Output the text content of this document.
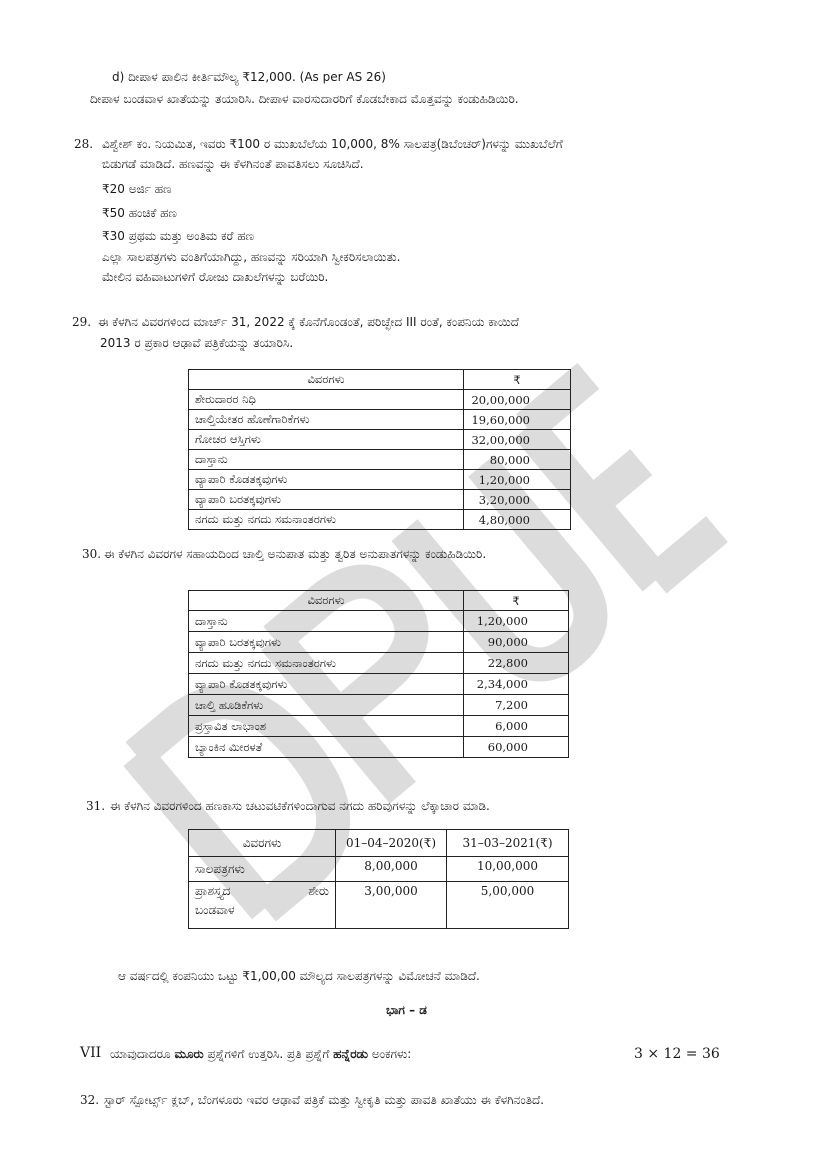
d) ದೀಪಾಳ ಪಾಲಿನ ಕೀರ್ತಿಮೌಲ್ಯ ₹12,000. (As per AS 26)
ದೀಪಾಳ ಬಂಡವಾಳ ಖಾತೆಯನ್ನು ತಯಾರಿಸಿ. ದೀಪಾಳ ವಾರಸುದಾರರಿಗೆ ಕೊಡಬೇಕಾದ ಮೊತ್ತವನ್ನು ಕಂಡುಹಿಡಿಯಿರಿ.
28. ವಿಶ್ವೇಶ್ ಕಂ. ನಿಯಮಿತ, ಇವರು ₹100 ರ ಮುಖಬೆಲೆಯ 10,000, 8% ಸಾಲಪತ್ರ(ಡಿಬೆಂಚರ್)ಗಳನ್ನು ಮುಖಬೆಲೆಗೆ
ಬಿಡುಗಡೆ ಮಾಡಿದೆ. ಹಣವನ್ನು ಈ ಕೆಳಗಿನಂತೆ ಪಾವತಿಸಲು ಸೂಚಿಸಿದೆ.
₹20 ಅರ್ಜಿ ಹಣ
₹50 ಹಂಚಿಕೆ ಹಣ
₹30 ಪ್ರಥಮ ಮತ್ತು ಅಂತಿಮ ಕರೆ ಹಣ
ಎಲ್ಲಾ ಸಾಲಪತ್ರಗಳು ವಂತಿಗೆಯಾಗಿದ್ದು, ಹಣವನ್ನು ಸರಿಯಾಗಿ ಸ್ವೀಕರಿಸಲಾಯಿತು.
ಮೇಲಿನ ವಹಿವಾಟುಗಳಿಗೆ ರೋಜು ದಾಖಲೆಗಳನ್ನು ಬರೆಯಿರಿ.
29. ಈ ಕೆಳಗಿನ ವಿವರಗಳಿಂದ ಮಾರ್ಚ್ 31, 2022 ಕ್ಕೆ ಕೊನೆಗೊಂಡಂತೆ, ಪರಿಚ್ಛೇದ III ರಂತೆ, ಕಂಪನಿಯ ಕಾಯಿದೆ
2013 ರ ಪ್ರಕಾರ ಆಢಾವೆ ಪತ್ರಿಕೆಯನ್ನು ತಯಾರಿಸಿ.
ವಿವರಗಳು	₹
ಶೇರುದಾರರ ನಿಧಿ	20,00,000
ಚಾಲ್ತಿಯೇತರ ಹೊಣೆಗಾರಿಕೆಗಳು	19,60,000
ಗೋಚರ ಆಸ್ತಿಗಳು	32,00,000
ದಾಸ್ತಾನು	80,000
ವ್ಯಾಪಾರಿ ಕೊಡತಕ್ಕವುಗಳು	1,20,000
ವ್ಯಾಪಾರಿ ಬರತಕ್ಕವುಗಳು	3,20,000
ನಗದು ಮತ್ತು ನಗದು ಸಮನಾಂತರಗಳು	4,80,000
30. ಈ ಕೆಳಗಿನ ವಿವರಗಳ ಸಹಾಯದಿಂದ ಚಾಲ್ತಿ ಅನುಪಾತ ಮತ್ತು ತ್ವರಿತ ಅನುಪಾತಗಳನ್ನು ಕಂಡುಹಿಡಿಯಿರಿ.
ವಿವರಗಳು	₹
ದಾಸ್ತಾನು	1,20,000
ವ್ಯಾಪಾರಿ ಬರತಕ್ಕವುಗಳು	90,000
ನಗದು ಮತ್ತು ನಗದು ಸಮನಾಂತರಗಳು	22,800
ವ್ಯಾಪಾರಿ ಕೊಡತಕ್ಕವುಗಳು	2,34,000
ಚಾಲ್ತಿ ಹೂಡಿಕೆಗಳು	7,200
ಪ್ರಸ್ತಾವಿತ ಲಾಭಾಂಶ	6,000
ಬ್ಯಾಂಕಿನ ಮೀರಳತೆ	60,000
31. ಈ ಕೆಳಗಿನ ವಿವರಗಳಿಂದ ಹಣಕಾಸು ಚಟುವಟಿಕೆಗಳಿಂದಾಗುವ ನಗದು ಹರಿವುಗಳನ್ನು ಲೆಕ್ಕಾಚಾರ ಮಾಡಿ.
ವಿವರಗಳು	01–04–2020(₹)	31–03–2021(₹)
ಸಾಲಪತ್ರಗಳು	8,00,000	10,00,000

ಪ್ರಾಶಸ್ತ್ಯದ ಶೇರು
ಬಂಡವಾಳ	3,00,000	5,00,000
ಆ ವರ್ಷದಲ್ಲಿ ಕಂಪನಿಯು ಒಟ್ಟು ₹1,00,00 ಮೌಲ್ಯದ ಸಾಲಪತ್ರಗಳನ್ನು ವಿಮೋಚನೆ ಮಾಡಿದೆ.
ಭಾಗ – ಡ
VII ಯಾವುದಾದರೂ ಮೂರು ಪ್ರಶ್ನೆಗಳಿಗೆ ಉತ್ತರಿಸಿ. ಪ್ರತಿ ಪ್ರಶ್ನೆಗೆ ಹನ್ನೆರಡು ಅಂಕಗಳು:	3 × 12 = 36
32. ಸ್ಟಾರ್ ಸ್ಪೋರ್ಟ್ಸ್ ಕ್ಲಬ್, ಬೆಂಗಳೂರು ಇವರ ಆಢಾವೆ ಪತ್ರಿಕೆ ಮತ್ತು ಸ್ವೀಕೃತಿ ಮತ್ತು ಪಾವತಿ ಖಾತೆಯು ಈ ಕೆಳಗಿನಂತಿದೆ.
